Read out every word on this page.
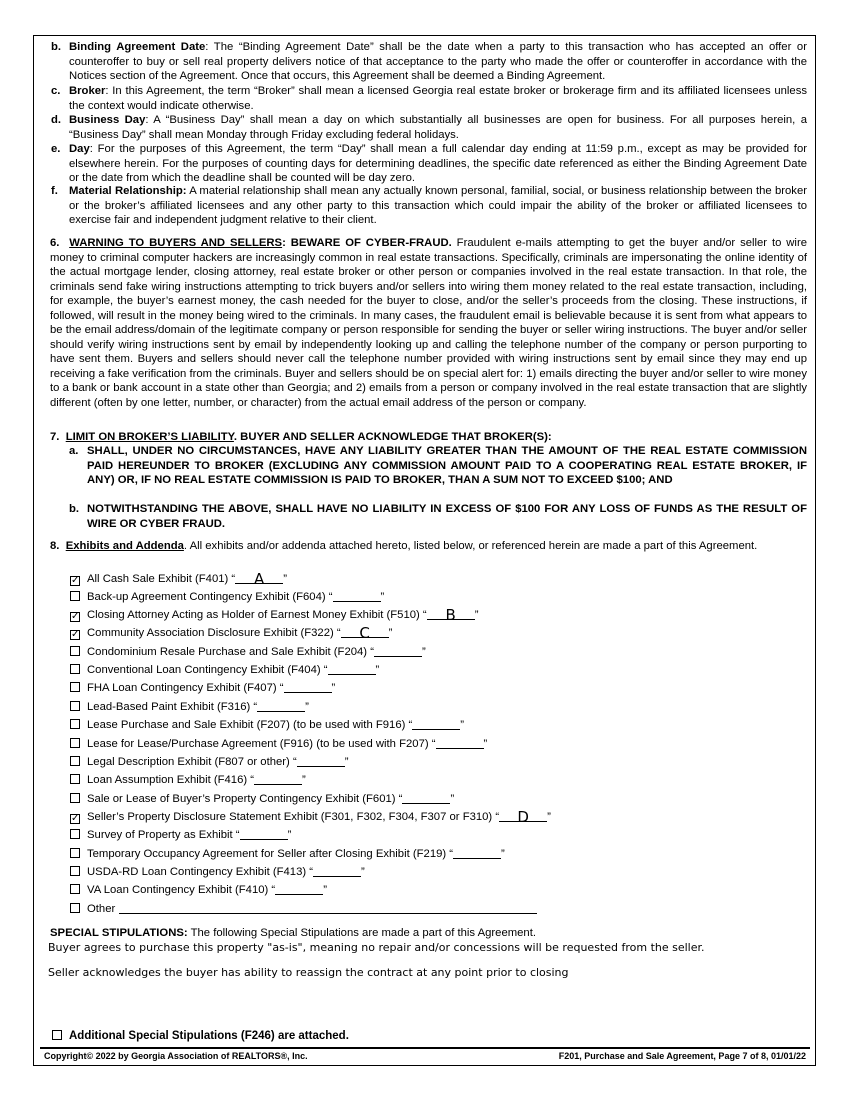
b. Binding Agreement Date: The “Binding Agreement Date” shall be the date when a party to this transaction who has accepted an offer or counteroffer to buy or sell real property delivers notice of that acceptance to the party who made the offer or counteroffer in accordance with the Notices section of the Agreement. Once that occurs, this Agreement shall be deemed a Binding Agreement.
c. Broker: In this Agreement, the term “Broker” shall mean a licensed Georgia real estate broker or brokerage firm and its affiliated licensees unless the context would indicate otherwise.
d. Business Day: A “Business Day” shall mean a day on which substantially all businesses are open for business. For all purposes herein, a “Business Day” shall mean Monday through Friday excluding federal holidays.
e. Day: For the purposes of this Agreement, the term “Day” shall mean a full calendar day ending at 11:59 p.m., except as may be provided for elsewhere herein. For the purposes of counting days for determining deadlines, the specific date referenced as either the Binding Agreement Date or the date from which the deadline shall be counted will be day zero.
f. Material Relationship: A material relationship shall mean any actually known personal, familial, social, or business relationship between the broker or the broker’s affiliated licensees and any other party to this transaction which could impair the ability of the broker or affiliated licensees to exercise fair and independent judgment relative to their client.
6. WARNING TO BUYERS AND SELLERS: BEWARE OF CYBER-FRAUD. Fraudulent e-mails attempting to get the buyer and/or seller to wire money to criminal computer hackers are increasingly common in real estate transactions. Specifically, criminals are impersonating the online identity of the actual mortgage lender, closing attorney, real estate broker or other person or companies involved in the real estate transaction. In that role, the criminals send fake wiring instructions attempting to trick buyers and/or sellers into wiring them money related to the real estate transaction, including, for example, the buyer’s earnest money, the cash needed for the buyer to close, and/or the seller’s proceeds from the closing. These instructions, if followed, will result in the money being wired to the criminals. In many cases, the fraudulent email is believable because it is sent from what appears to be the email address/domain of the legitimate company or person responsible for sending the buyer or seller wiring instructions. The buyer and/or seller should verify wiring instructions sent by email by independently looking up and calling the telephone number of the company or person purporting to have sent them. Buyers and sellers should never call the telephone number provided with wiring instructions sent by email since they may end up receiving a fake verification from the criminals. Buyer and sellers should be on special alert for: 1) emails directing the buyer and/or seller to wire money to a bank or bank account in a state other than Georgia; and 2) emails from a person or company involved in the real estate transaction that are slightly different (often by one letter, number, or character) from the actual email address of the person or company.
7. LIMIT ON BROKER’S LIABILITY. BUYER AND SELLER ACKNOWLEDGE THAT BROKER(S):
a. SHALL, UNDER NO CIRCUMSTANCES, HAVE ANY LIABILITY GREATER THAN THE AMOUNT OF THE REAL ESTATE COMMISSION PAID HEREUNDER TO BROKER (EXCLUDING ANY COMMISSION AMOUNT PAID TO A COOPERATING REAL ESTATE BROKER, IF ANY) OR, IF NO REAL ESTATE COMMISSION IS PAID TO BROKER, THAN A SUM NOT TO EXCEED $100; AND
b. NOTWITHSTANDING THE ABOVE, SHALL HAVE NO LIABILITY IN EXCESS OF $100 FOR ANY LOSS OF FUNDS AS THE RESULT OF WIRE OR CYBER FRAUD.
8. Exhibits and Addenda. All exhibits and/or addenda attached hereto, listed below, or referenced herein are made a part of this Agreement.
✓ All Cash Sale Exhibit (F401) “	A	”
Back-up Agreement Contingency Exhibit (F604) “	”
✓ Closing Attorney Acting as Holder of Earnest Money Exhibit (F510) “	B	”
✓ Community Association Disclosure Exhibit (F322) “	C	”
Condominium Resale Purchase and Sale Exhibit (F204) “	”
Conventional Loan Contingency Exhibit (F404) “	”
FHA Loan Contingency Exhibit (F407) “	”
Lead-Based Paint Exhibit (F316) “	”
Lease Purchase and Sale Exhibit (F207) (to be used with F916) “	”
Lease for Lease/Purchase Agreement (F916) (to be used with F207) “	”
Legal Description Exhibit (F807 or other) “	”
Loan Assumption Exhibit (F416) “	”
Sale or Lease of Buyer’s Property Contingency Exhibit (F601) “	”
✓ Seller’s Property Disclosure Statement Exhibit (F301, F302, F304, F307 or F310) “	D	”
Survey of Property as Exhibit “	”
Temporary Occupancy Agreement for Seller after Closing Exhibit (F219) “	”
USDA-RD Loan Contingency Exhibit (F413) “	”
VA Loan Contingency Exhibit (F410) “	”
Other
SPECIAL STIPULATIONS: The following Special Stipulations are made a part of this Agreement.
Buyer agrees to purchase this property "as-is", meaning no repair and/or concessions will be requested from the seller.
Seller acknowledges the buyer has ability to reassign the contract at any point prior to closing
Additional Special Stipulations (F246) are attached.
Copyright© 2022 by Georgia Association of REALTORS®, Inc.	F201, Purchase and Sale Agreement, Page 7 of 8, 01/01/22
